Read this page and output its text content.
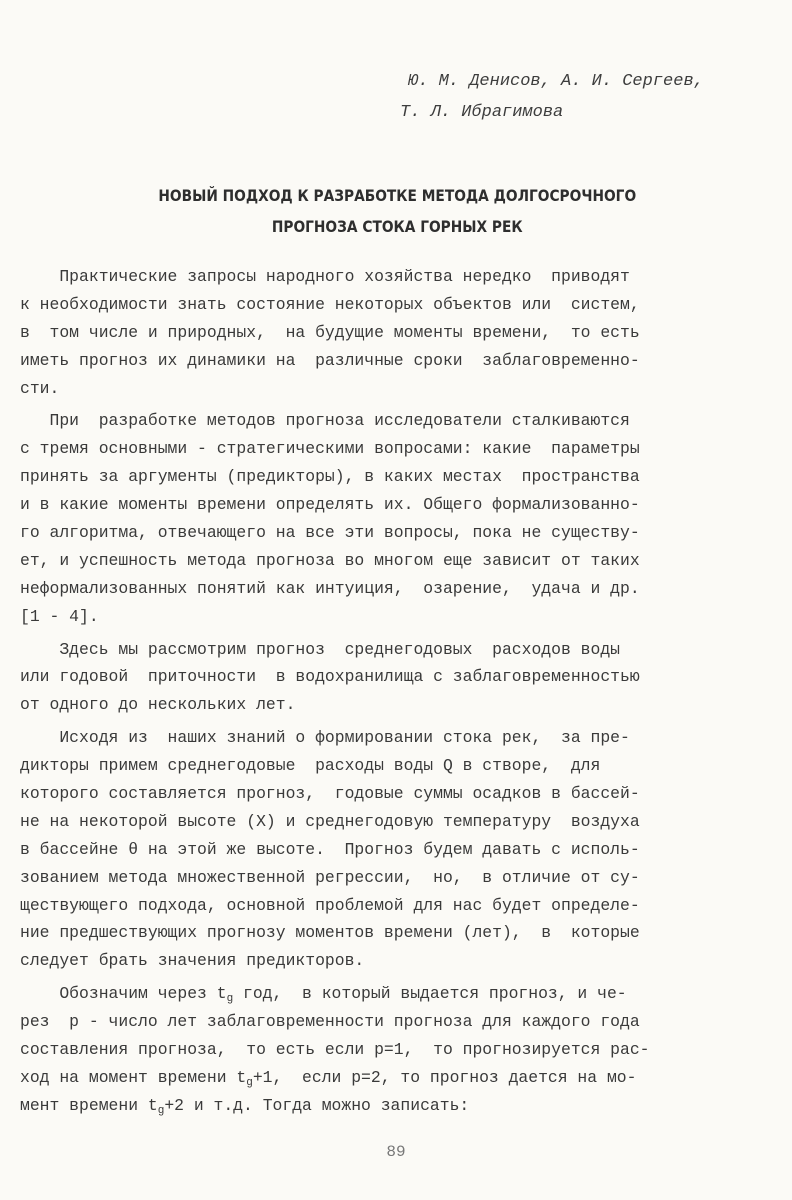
Ю. М. Денисов, А. И. Сергеев,
Т. Л. Ибрагимова
НОВЫЙ ПОДХОД К РАЗРАБОТКЕ МЕТОДА ДОЛГОСРОЧНОГО
ПРОГНОЗА СТОКА ГОРНЫХ РЕК
Практические запросы народного хозяйства нередко  приводят
к необходимости знать состояние некоторых объектов или  систем,
в  том числе и природных,  на будущие моменты времени,  то есть
иметь прогноз их динамики на  различные сроки  заблаговременно-
сти.
При  разработке методов прогноза исследователи сталкиваются
с тремя основными - стратегическими вопросами: какие  параметры
принять за аргументы (предикторы), в каких местах  пространства
и в какие моменты времени определять их. Общего формализованно-
го алгоритма, отвечающего на все эти вопросы, пока не существу-
ет, и успешность метода прогноза во многом еще зависит от таких
неформализованных понятий как интуиция,  озарение,  удача и др.
[1 - 4].
Здесь мы рассмотрим прогноз  среднегодовых  расходов воды
или годовой  приточности  в водохранилища с заблаговременностью
от одного до нескольких лет.
Исходя из  наших знаний о формировании стока рек,  за пре-
дикторы примем среднегодовые  расходы воды Q в створе,  для
которого составляется прогноз,  годовые суммы осадков в бассей-
не на некоторой высоте (X) и среднегодовую температуру  воздуха
в бассейне θ на этой же высоте.  Прогноз будем давать с исполь-
зованием метода множественной регрессии,  но,  в отличие от су-
ществующего подхода, основной проблемой для нас будет определе-
ние предшествующих прогнозу моментов времени (лет),  в  которые
следует брать значения предикторов.
Обозначим через $t_g$ год,  в который выдается прогноз, и че-
рез  p - число лет заблаговременности прогноза для каждого года
составления прогноза,  то есть если p=1,  то прогнозируется рас-
ход на момент времени $t_g+1$,  если p=2, то прогноз дается на мо-
мент времени $t_g+2$ и т.д. Тогда можно записать:
89
